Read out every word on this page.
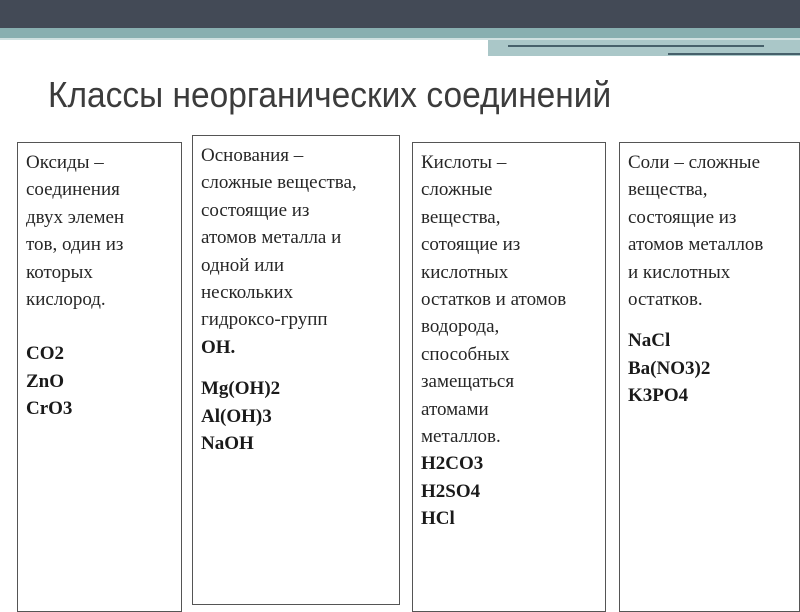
Классы неорганических соединений
Оксиды –
соединения
двух элемен
тов, один из
которых
кислород.
CO2
ZnO
CrO3
Основания –
сложные вещества,
состоящие из
атомов металла и
одной или
нескольких
гидроксо-групп
ОН.
Mg(OH)2
Al(OH)3
NaOH
Кислоты –
сложные
вещества,
сотоящие из
кислотных
остатков и атомов
водорода,
способных
замещаться
атомами
металлов.
H2CO3
H2SO4
HCl
Соли – сложные
вещества,
состоящие из
атомов металлов
и кислотных
остатков.
NaCl
Ba(NO3)2
K3PO4
